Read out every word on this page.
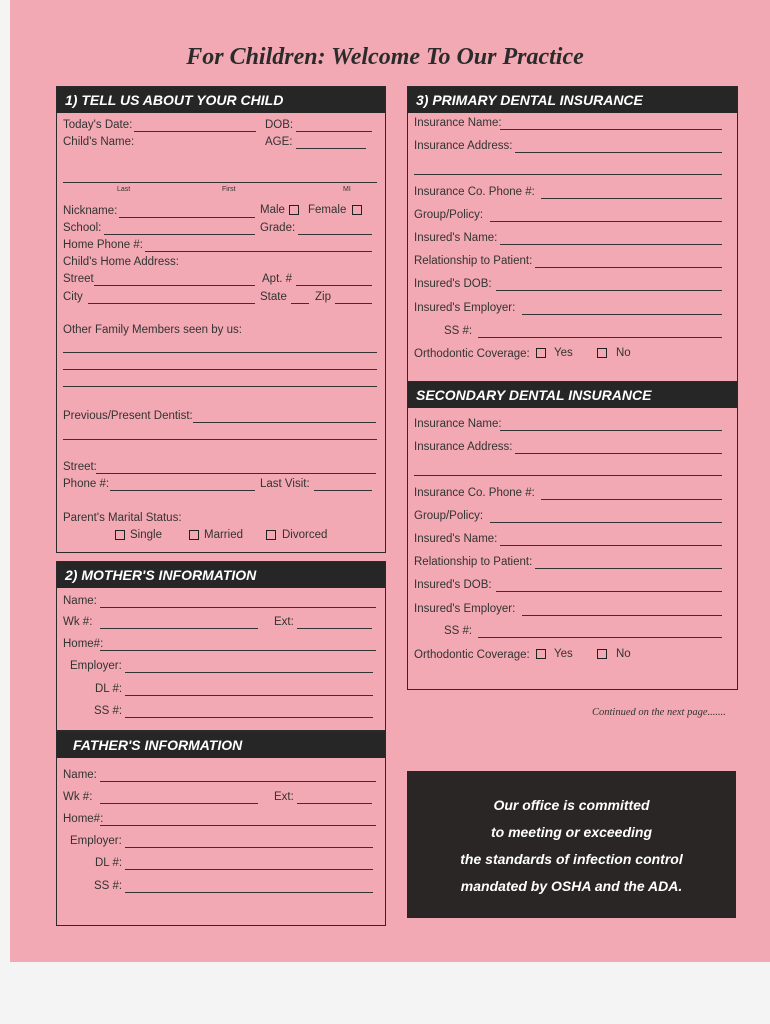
For Children: Welcome To Our Practice
1) TELL US ABOUT YOUR CHILD
Today's Date:	DOB:
Child's Name:	AGE:
Last	First	MI
Nickname:	Male Female
School:	Grade:
Home Phone #:
Child's Home Address:
Street	Apt. #
City	State Zip
Other Family Members seen by us:
Previous/Present Dentist:
Street:
Phone #:	Last Visit:
Parent's Marital Status:
Single	Married	Divorced
2) MOTHER'S INFORMATION
Name:
Wk #:	Ext:
Home#:
Employer:
DL #:
SS #:
FATHER'S INFORMATION
Name:
Wk #:	Ext:
Home#:
Employer:
DL #:
SS #:
3) PRIMARY DENTAL INSURANCE
Insurance Name:
Insurance Address:
Insurance Co. Phone #:
Group/Policy:
Insured's Name:
Relationship to Patient:
Insured's DOB:
Insured's Employer:
SS #:
Orthodontic Coverage: Yes	No
SECONDARY DENTAL INSURANCE
Insurance Name:
Insurance Address:
Insurance Co. Phone #:
Group/Policy:
Insured's Name:
Relationship to Patient:
Insured's DOB:
Insured's Employer:
SS #:
Orthodontic Coverage: Yes	No
Continued on the next page.......
Our office is committed
to meeting or exceeding
the standards of infection control
mandated by OSHA and the ADA.
